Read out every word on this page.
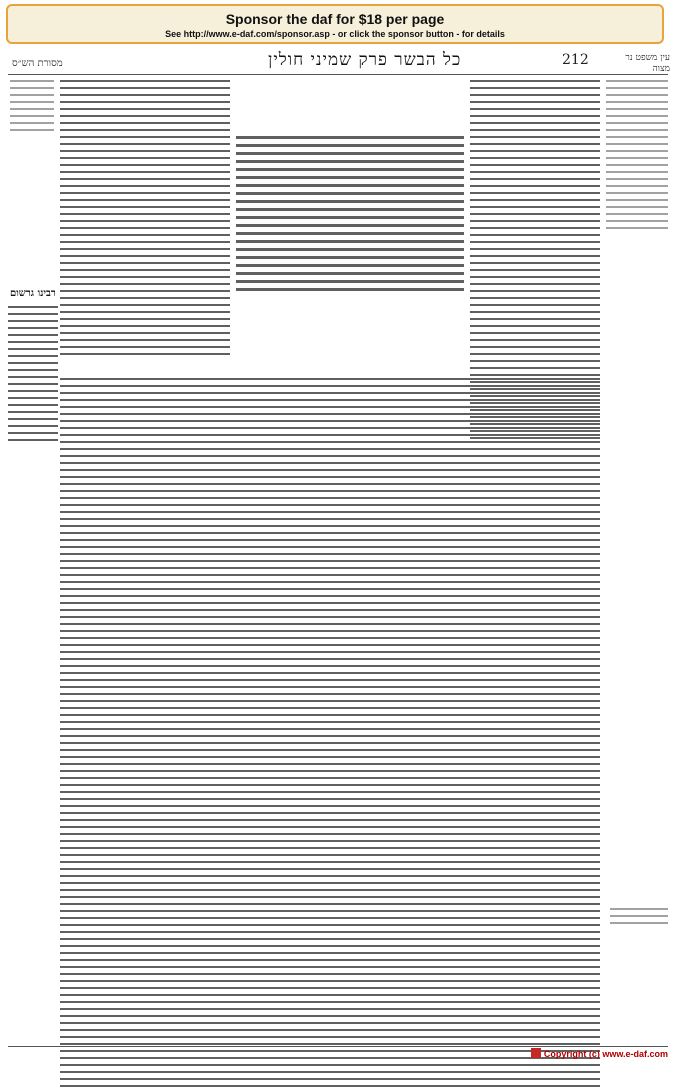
Sponsor the daf for $18 per page
See http://www.e-daf.com/sponsor.asp - or click the sponsor button - for details
מסורת הש״ס	כל הבשר פרק שמיני חולין	212	עין משפט נר מצוה
רבינו גרשום
Copyright (c) www.e-daf.com
